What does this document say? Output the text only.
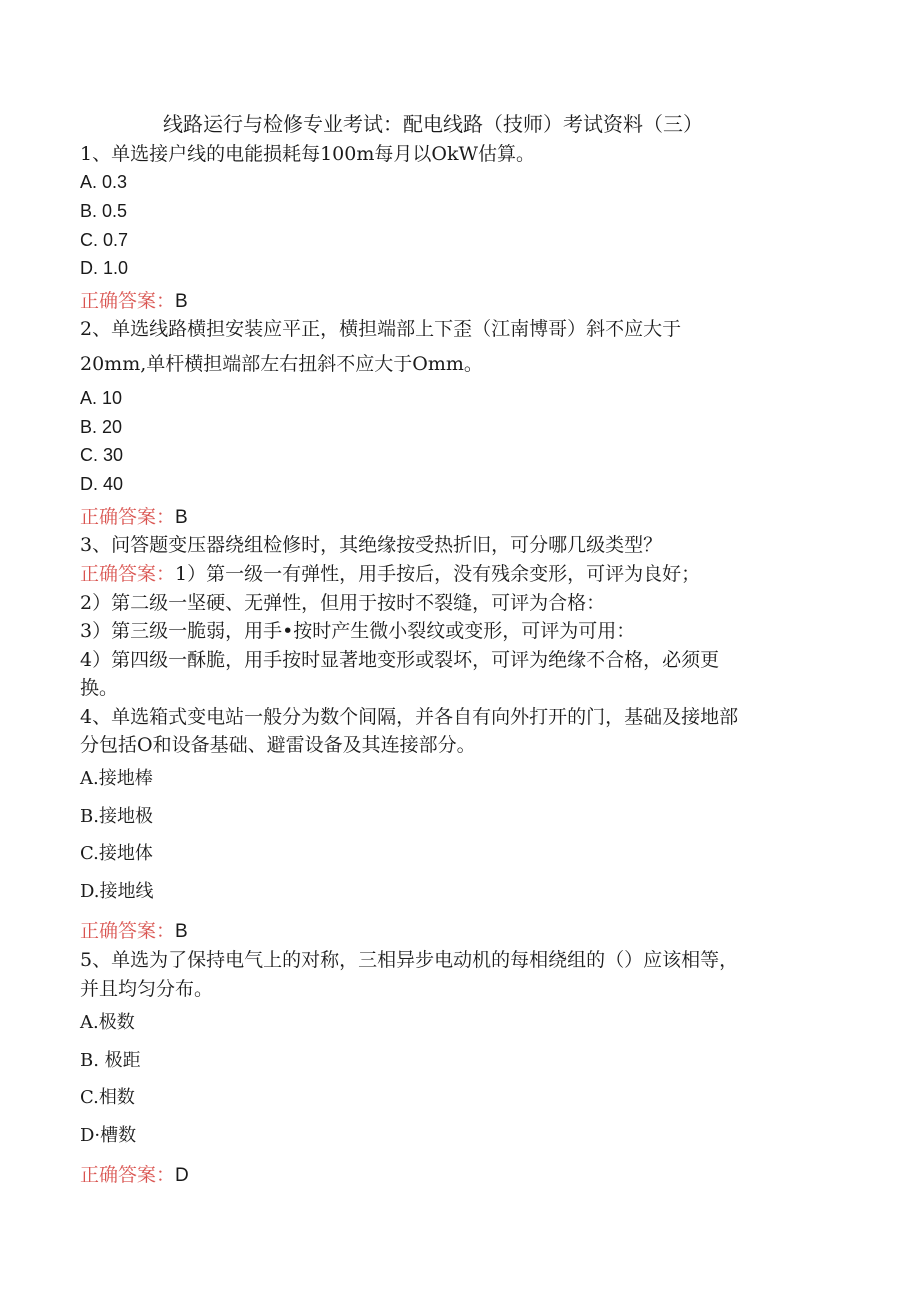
线路运行与检修专业考试：配电线路（技师）考试资料（三）
1、单选接户线的电能损耗每100m每月以OkW估算。
A. 0.3
B. 0.5
C. 0.7
D. 1.0
正确答案：B
2、单选线路横担安装应平正，横担端部上下歪（江南博哥）斜不应大于
20mm,单杆横担端部左右扭斜不应大于Omm。
A. 10
B. 20
C. 30
D. 40
正确答案：B
3、问答题变压器绕组检修时，其绝缘按受热折旧，可分哪几级类型？
正确答案：1）第一级一有弹性，用手按后，没有残余变形，可评为良好；
2）第二级一坚硬、无弹性，但用于按时不裂缝，可评为合格：
3）第三级一脆弱，用手•按时产生微小裂纹或变形，可评为可用：
4）第四级一酥脆，用手按时显著地变形或裂坏，可评为绝缘不合格，必须更
换。
4、单选箱式变电站一般分为数个间隔，并各自有向外打开的门，基础及接地部
分包括O和设备基础、避雷设备及其连接部分。
A.接地棒
B.接地极
C.接地体
D.接地线
正确答案：B
5、单选为了保持电气上的对称，三相异步电动机的每相绕组的（）应该相等，
并且均匀分布。
A.极数
B. 极距
C.相数
D·槽数
正确答案：D
